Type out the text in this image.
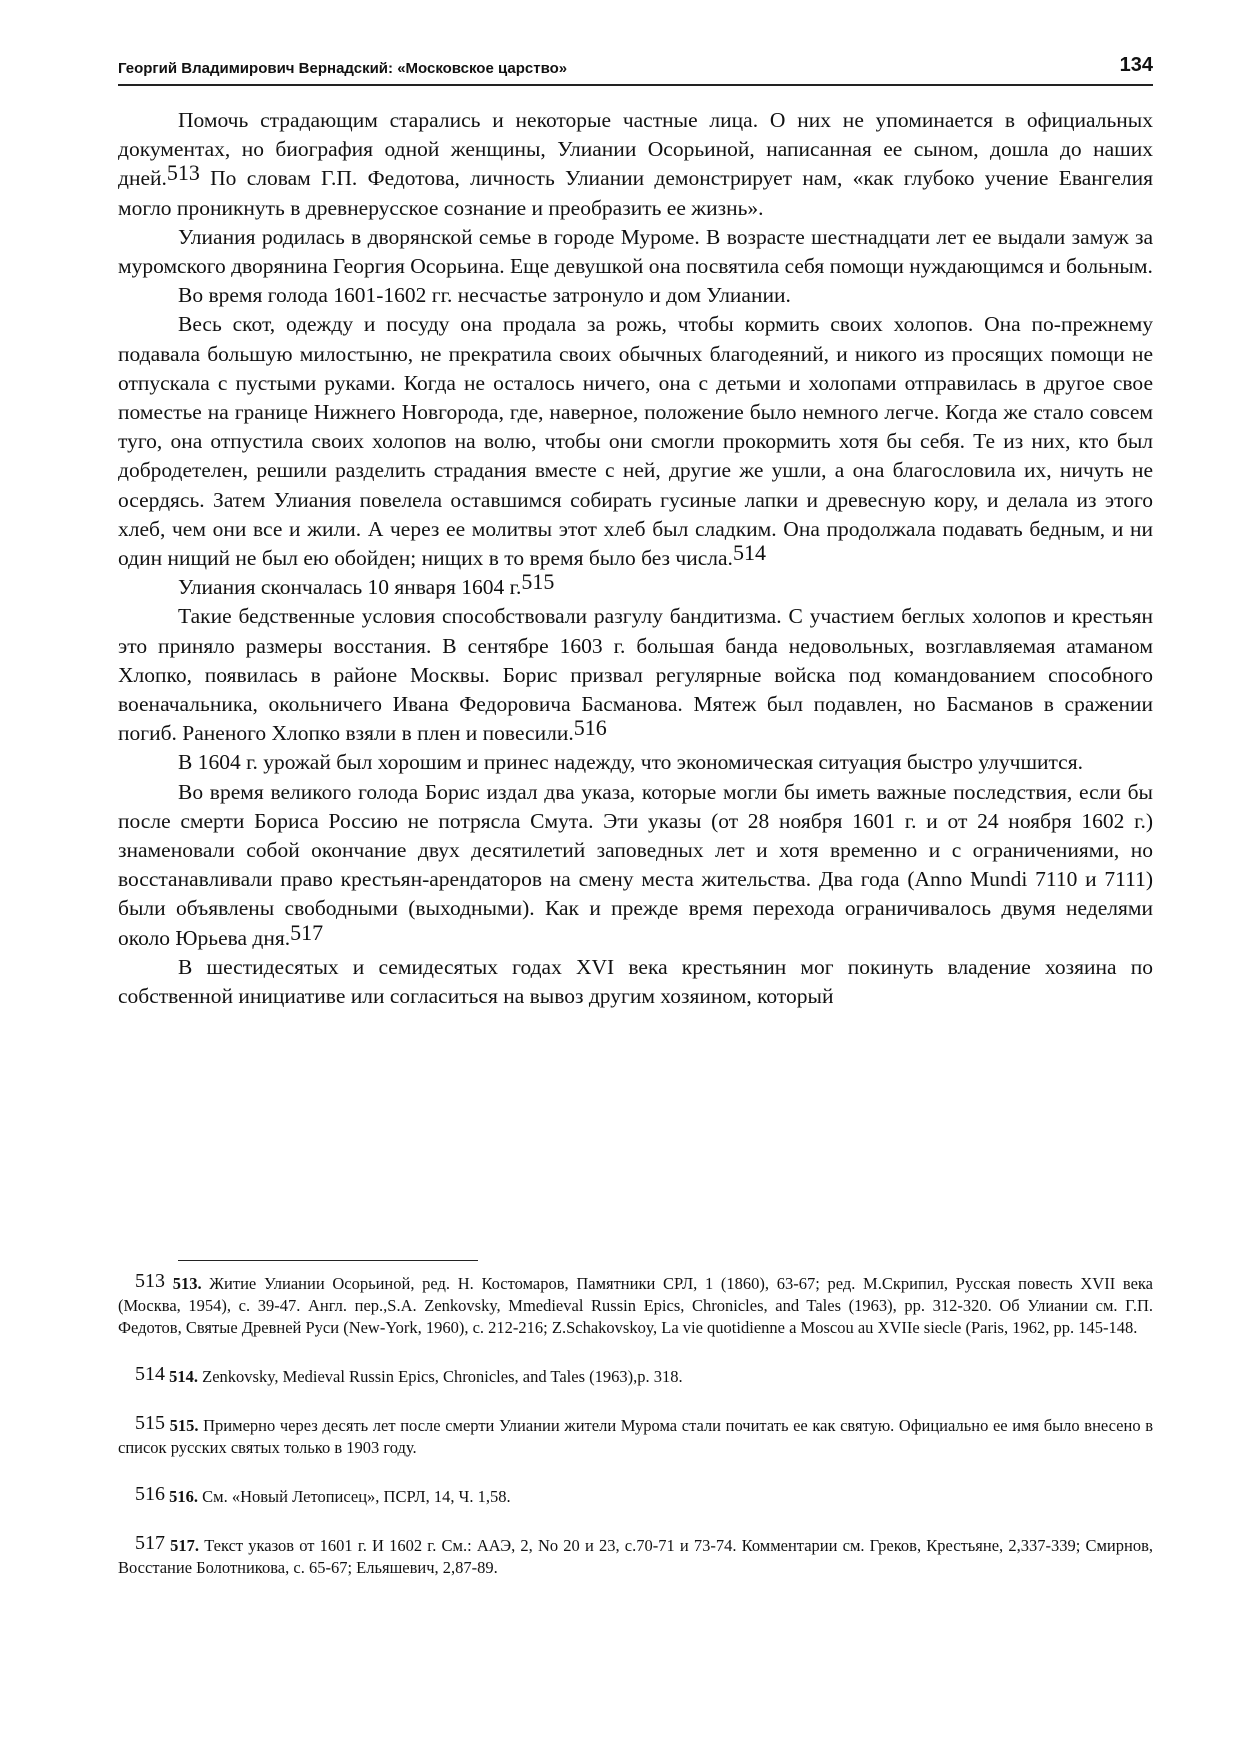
Георгий Владимирович Вернадский: «Московское царство»	134

Помочь страдающим старались и некоторые частные лица. О них не упоминается в официальных документах, но биография одной женщины, Улиании Осорьиной, написанная ее сыном, дошла до наших дней.513 По словам Г.П. Федотова, личность Улиании демонстрирует нам, «как глубоко учение Евангелия могло проникнуть в древнерусское сознание и преобразить ее жизнь».

Улиания родилась в дворянской семье в городе Муроме. В возрасте шестнадцати лет ее выдали замуж за муромского дворянина Георгия Осорьина. Еще девушкой она посвятила себя помощи нуждающимся и больным.

Во время голода 1601-1602 гг. несчастье затронуло и дом Улиании.

Весь скот, одежду и посуду она продала за рожь, чтобы кормить своих холопов. Она по-прежнему подавала большую милостыню, не прекратила своих обычных благодеяний, и никого из просящих помощи не отпускала с пустыми руками. Когда не осталось ничего, она с детьми и холопами отправилась в другое свое поместье на границе Нижнего Новгорода, где, наверное, положение было немного легче. Когда же стало совсем туго, она отпустила своих холопов на волю, чтобы они смогли прокормить хотя бы себя. Те из них, кто был добродетелен, решили разделить страдания вместе с ней, другие же ушли, а она благословила их, ничуть не осердясь. Затем Улиания повелела оставшимся собирать гусиные лапки и древесную кору, и делала из этого хлеб, чем они все и жили. А через ее молитвы этот хлеб был сладким. Она продолжала подавать бедным, и ни один нищий не был ею обойден; нищих в то время было без числа.514

Улиания скончалась 10 января 1604 г.515

Такие бедственные условия способствовали разгулу бандитизма. С участием беглых холопов и крестьян это приняло размеры восстания. В сентябре 1603 г. большая банда недовольных, возглавляемая атаманом Хлопко, появилась в районе Москвы. Борис призвал регулярные войска под командованием способного военачальника, окольничего Ивана Федоровича Басманова. Мятеж был подавлен, но Басманов в сражении погиб. Раненого Хлопко взяли в плен и повесили.516

В 1604 г. урожай был хорошим и принес надежду, что экономическая ситуация быстро улучшится.

Во время великого голода Борис издал два указа, которые могли бы иметь важные последствия, если бы после смерти Бориса Россию не потрясла Смута. Эти указы (от 28 ноября 1601 г. и от 24 ноября 1602 г.) знаменовали собой окончание двух десятилетий заповедных лет и хотя временно и с ограничениями, но восстанавливали право крестьян-арендаторов на смену места жительства. Два года (Anno Mundi 7110 и 7111) были объявлены свободными (выходными). Как и прежде время перехода ограничивалось двумя неделями около Юрьева дня.517

В шестидесятых и семидесятых годах XVI века крестьянин мог покинуть владение хозяина по собственной инициативе или согласиться на вывоз другим хозяином, который

513 513. Житие Улиании Осорьиной, ред. Н. Костомаров, Памятники СРЛ, 1 (1860), 63-67; ред. М.Скрипил, Русская повесть XVII века (Москва, 1954), с. 39-47. Англ. пер.,S.A. Zenkovsky, Mmedieval Russin Epics, Chronicles, and Tales (1963), pp. 312-320. Об Улиании см. Г.П. Федотов, Святые Древней Руси (New-York, 1960), с. 212-216; Z.Schakovskoy, La vie quotidienne a Moscou au XVIIe siecle (Paris, 1962, pp. 145-148.

514 514. Zenkovsky, Medieval Russin Epics, Chronicles, and Tales (1963),p. 318.

515 515. Примерно через десять лет после смерти Улиании жители Мурома стали почитать ее как святую. Официально ее имя было внесено в список русских святых только в 1903 году.

516 516. См. «Новый Летописец», ПСРЛ, 14, Ч. 1,58.

517 517. Текст указов от 1601 г. И 1602 г. См.: ААЭ, 2, No 20 и 23, с.70-71 и 73-74. Комментарии см. Греков, Крестьяне, 2,337-339; Смирнов, Восстание Болотникова, с. 65-67; Ельяшевич, 2,87-89.
